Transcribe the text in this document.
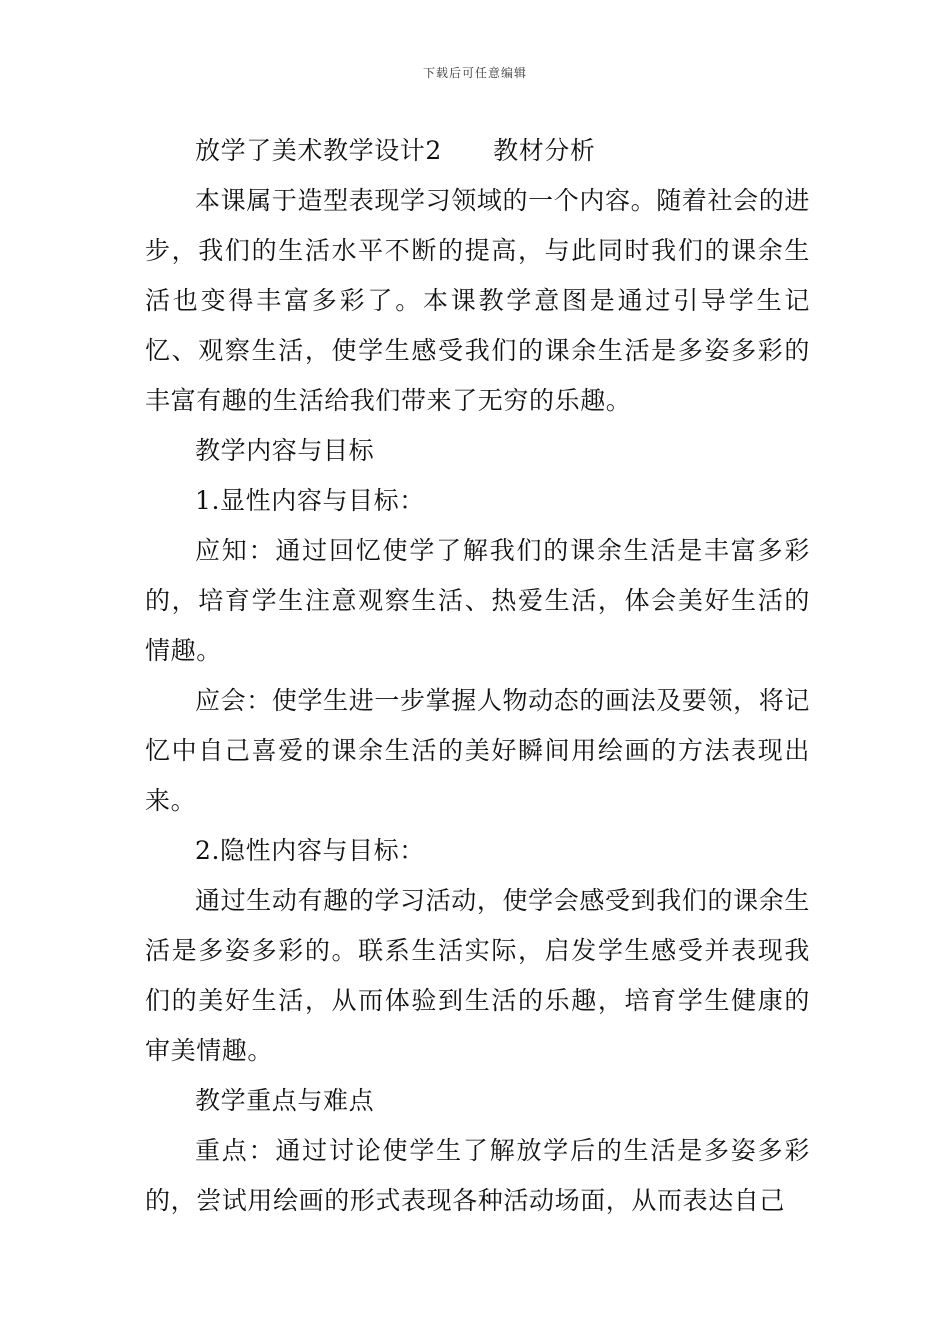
下载后可任意编辑

放学了美术教学设计2　　教材分析

本课属于造型表现学习领域的一个内容。随着社会的进步，我们的生活水平不断的提高，与此同时我们的课余生活也变得丰富多彩了。本课教学意图是通过引导学生记忆、观察生活，使学生感受我们的课余生活是多姿多彩的丰富有趣的生活给我们带来了无穷的乐趣。

教学内容与目标

1.显性内容与目标：

应知：通过回忆使学了解我们的课余生活是丰富多彩的，培育学生注意观察生活、热爱生活，体会美好生活的情趣。

应会：使学生进一步掌握人物动态的画法及要领，将记忆中自己喜爱的课余生活的美好瞬间用绘画的方法表现出来。

2.隐性内容与目标：

通过生动有趣的学习活动，使学会感受到我们的课余生活是多姿多彩的。联系生活实际，启发学生感受并表现我们的美好生活，从而体验到生活的乐趣，培育学生健康的审美情趣。

教学重点与难点

重点：通过讨论使学生了解放学后的生活是多姿多彩的，尝试用绘画的形式表现各种活动场面，从而表达自己
